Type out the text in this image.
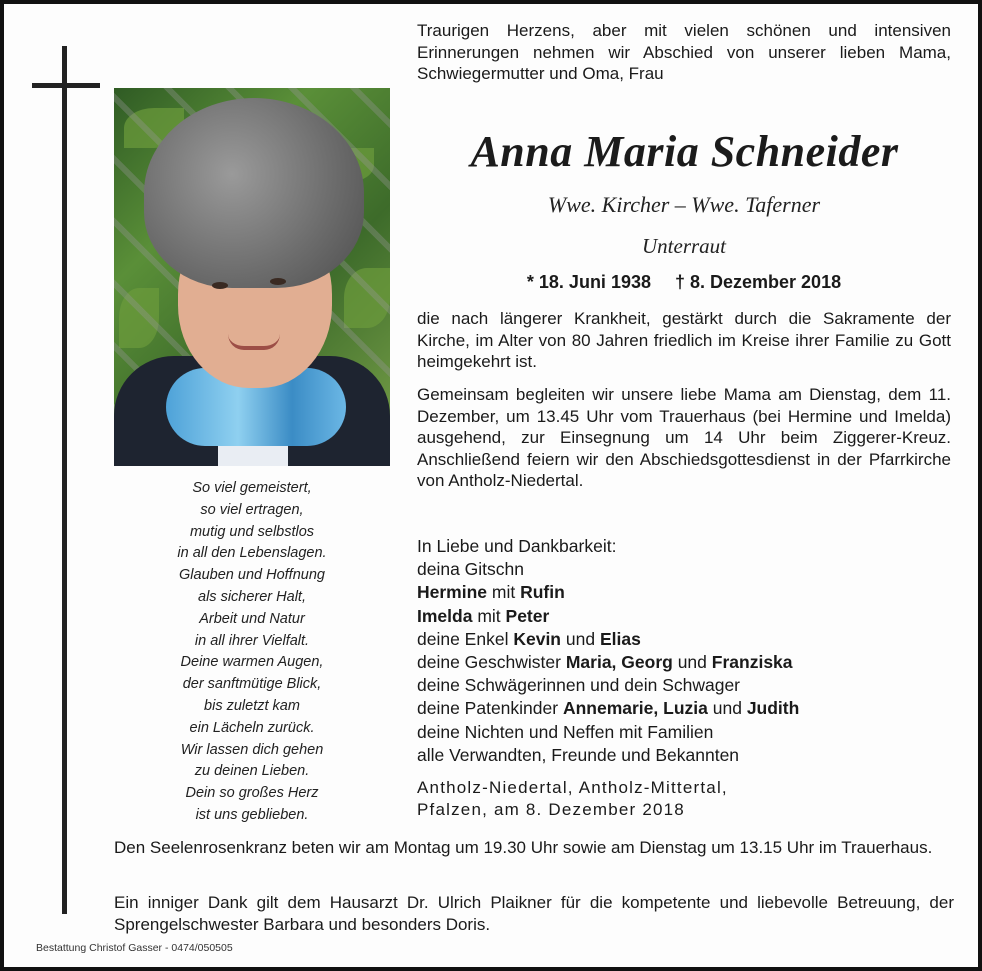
So viel gemeistert,
so viel ertragen,
mutig und selbstlos
in all den Lebenslagen.
Glauben und Hoffnung
als sicherer Halt,
Arbeit und Natur
in all ihrer Vielfalt.
Deine warmen Augen,
der sanftmütige Blick,
bis zuletzt kam
ein Lächeln zurück.
Wir lassen dich gehen
zu deinen Lieben.
Dein so großes Herz
ist uns geblieben.
Traurigen Herzens, aber mit vielen schönen und intensiven Erinnerungen nehmen wir Abschied von unserer lieben Mama, Schwiegermutter und Oma, Frau
Anna Maria Schneider
Wwe. Kircher – Wwe. Taferner
Unterraut
* 18. Juni 1938 † 8. Dezember 2018
die nach längerer Krankheit, gestärkt durch die Sakramente der Kirche, im Alter von 80 Jahren friedlich im Kreise ihrer Familie zu Gott heimgekehrt ist.
Gemeinsam begleiten wir unsere liebe Mama am Dienstag, dem 11. Dezember, um 13.45 Uhr vom Trauerhaus (bei Hermine und Imelda) ausgehend, zur Einsegnung um 14 Uhr beim Ziggerer-Kreuz. Anschließend feiern wir den Abschiedsgottesdienst in der Pfarrkirche von Antholz-Niedertal.
In Liebe und Dankbarkeit:
deina Gitschn
Hermine mit Rufin
Imelda mit Peter
deine Enkel Kevin und Elias
deine Geschwister Maria, Georg und Franziska
deine Schwägerinnen und dein Schwager
deine Patenkinder Annemarie, Luzia und Judith
deine Nichten und Neffen mit Familien
alle Verwandten, Freunde und Bekannten
Antholz-Niedertal, Antholz-Mittertal,
Pfalzen, am 8. Dezember 2018
Den Seelenrosenkranz beten wir am Montag um 19.30 Uhr sowie am Dienstag um 13.15 Uhr im Trauerhaus.
Ein inniger Dank gilt dem Hausarzt Dr. Ulrich Plaikner für die kompetente und liebevolle Betreuung, der Sprengelschwester Barbara und besonders Doris.
Bestattung Christof Gasser - 0474/050505
